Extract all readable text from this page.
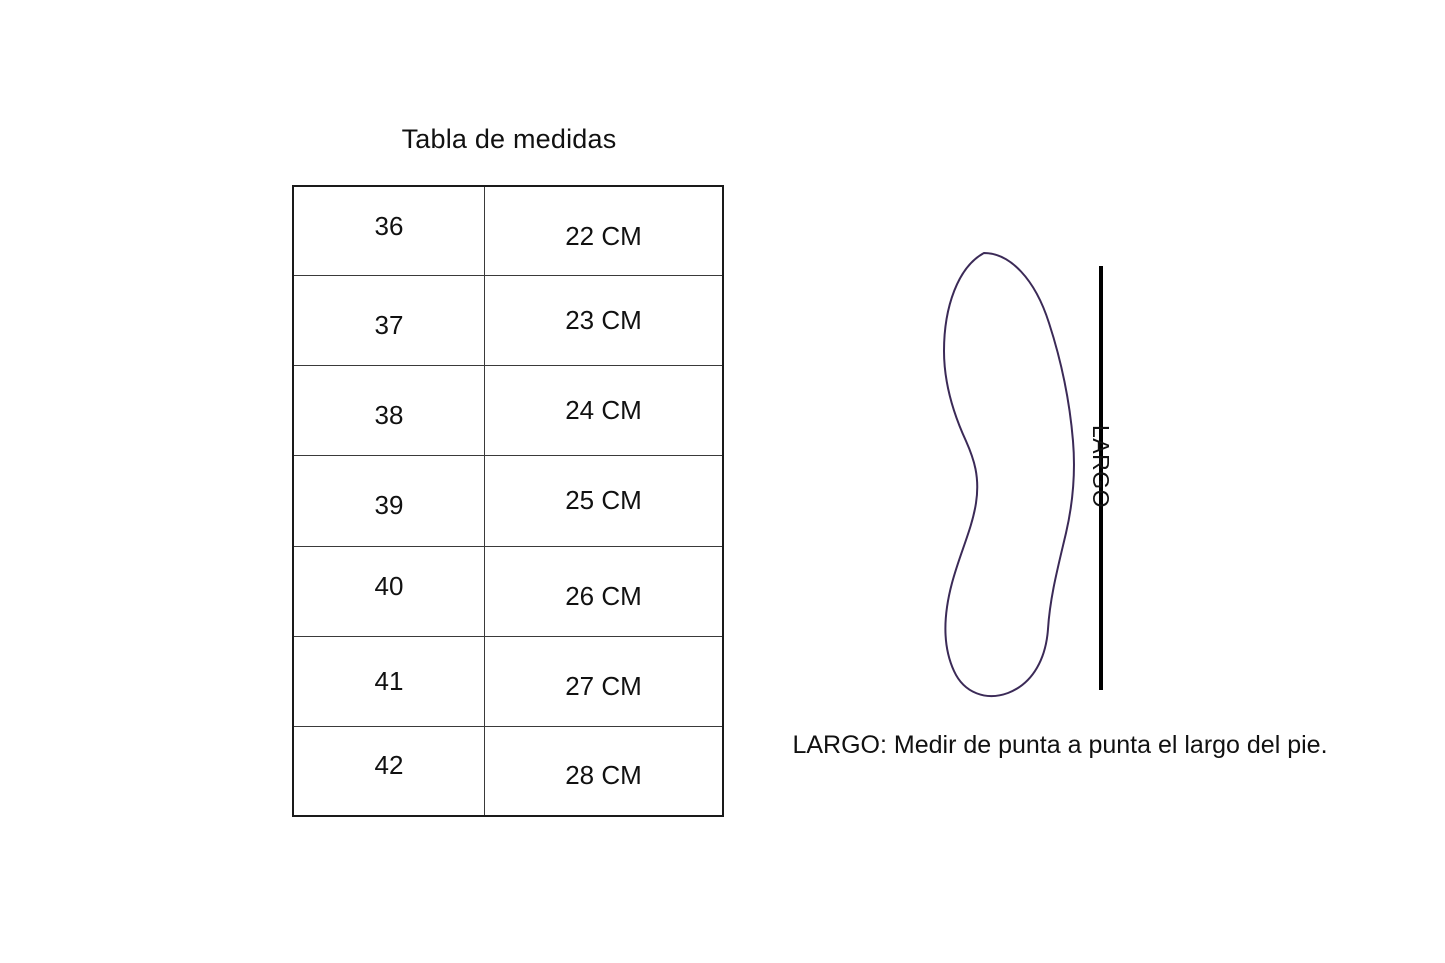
Tabla de medidas
36	22 CM
37	23 CM
38	24 CM
39	25 CM
40	26 CM
41	27 CM
42	28 CM
LARGO
LARGO: Medir de punta a punta el largo del pie.
